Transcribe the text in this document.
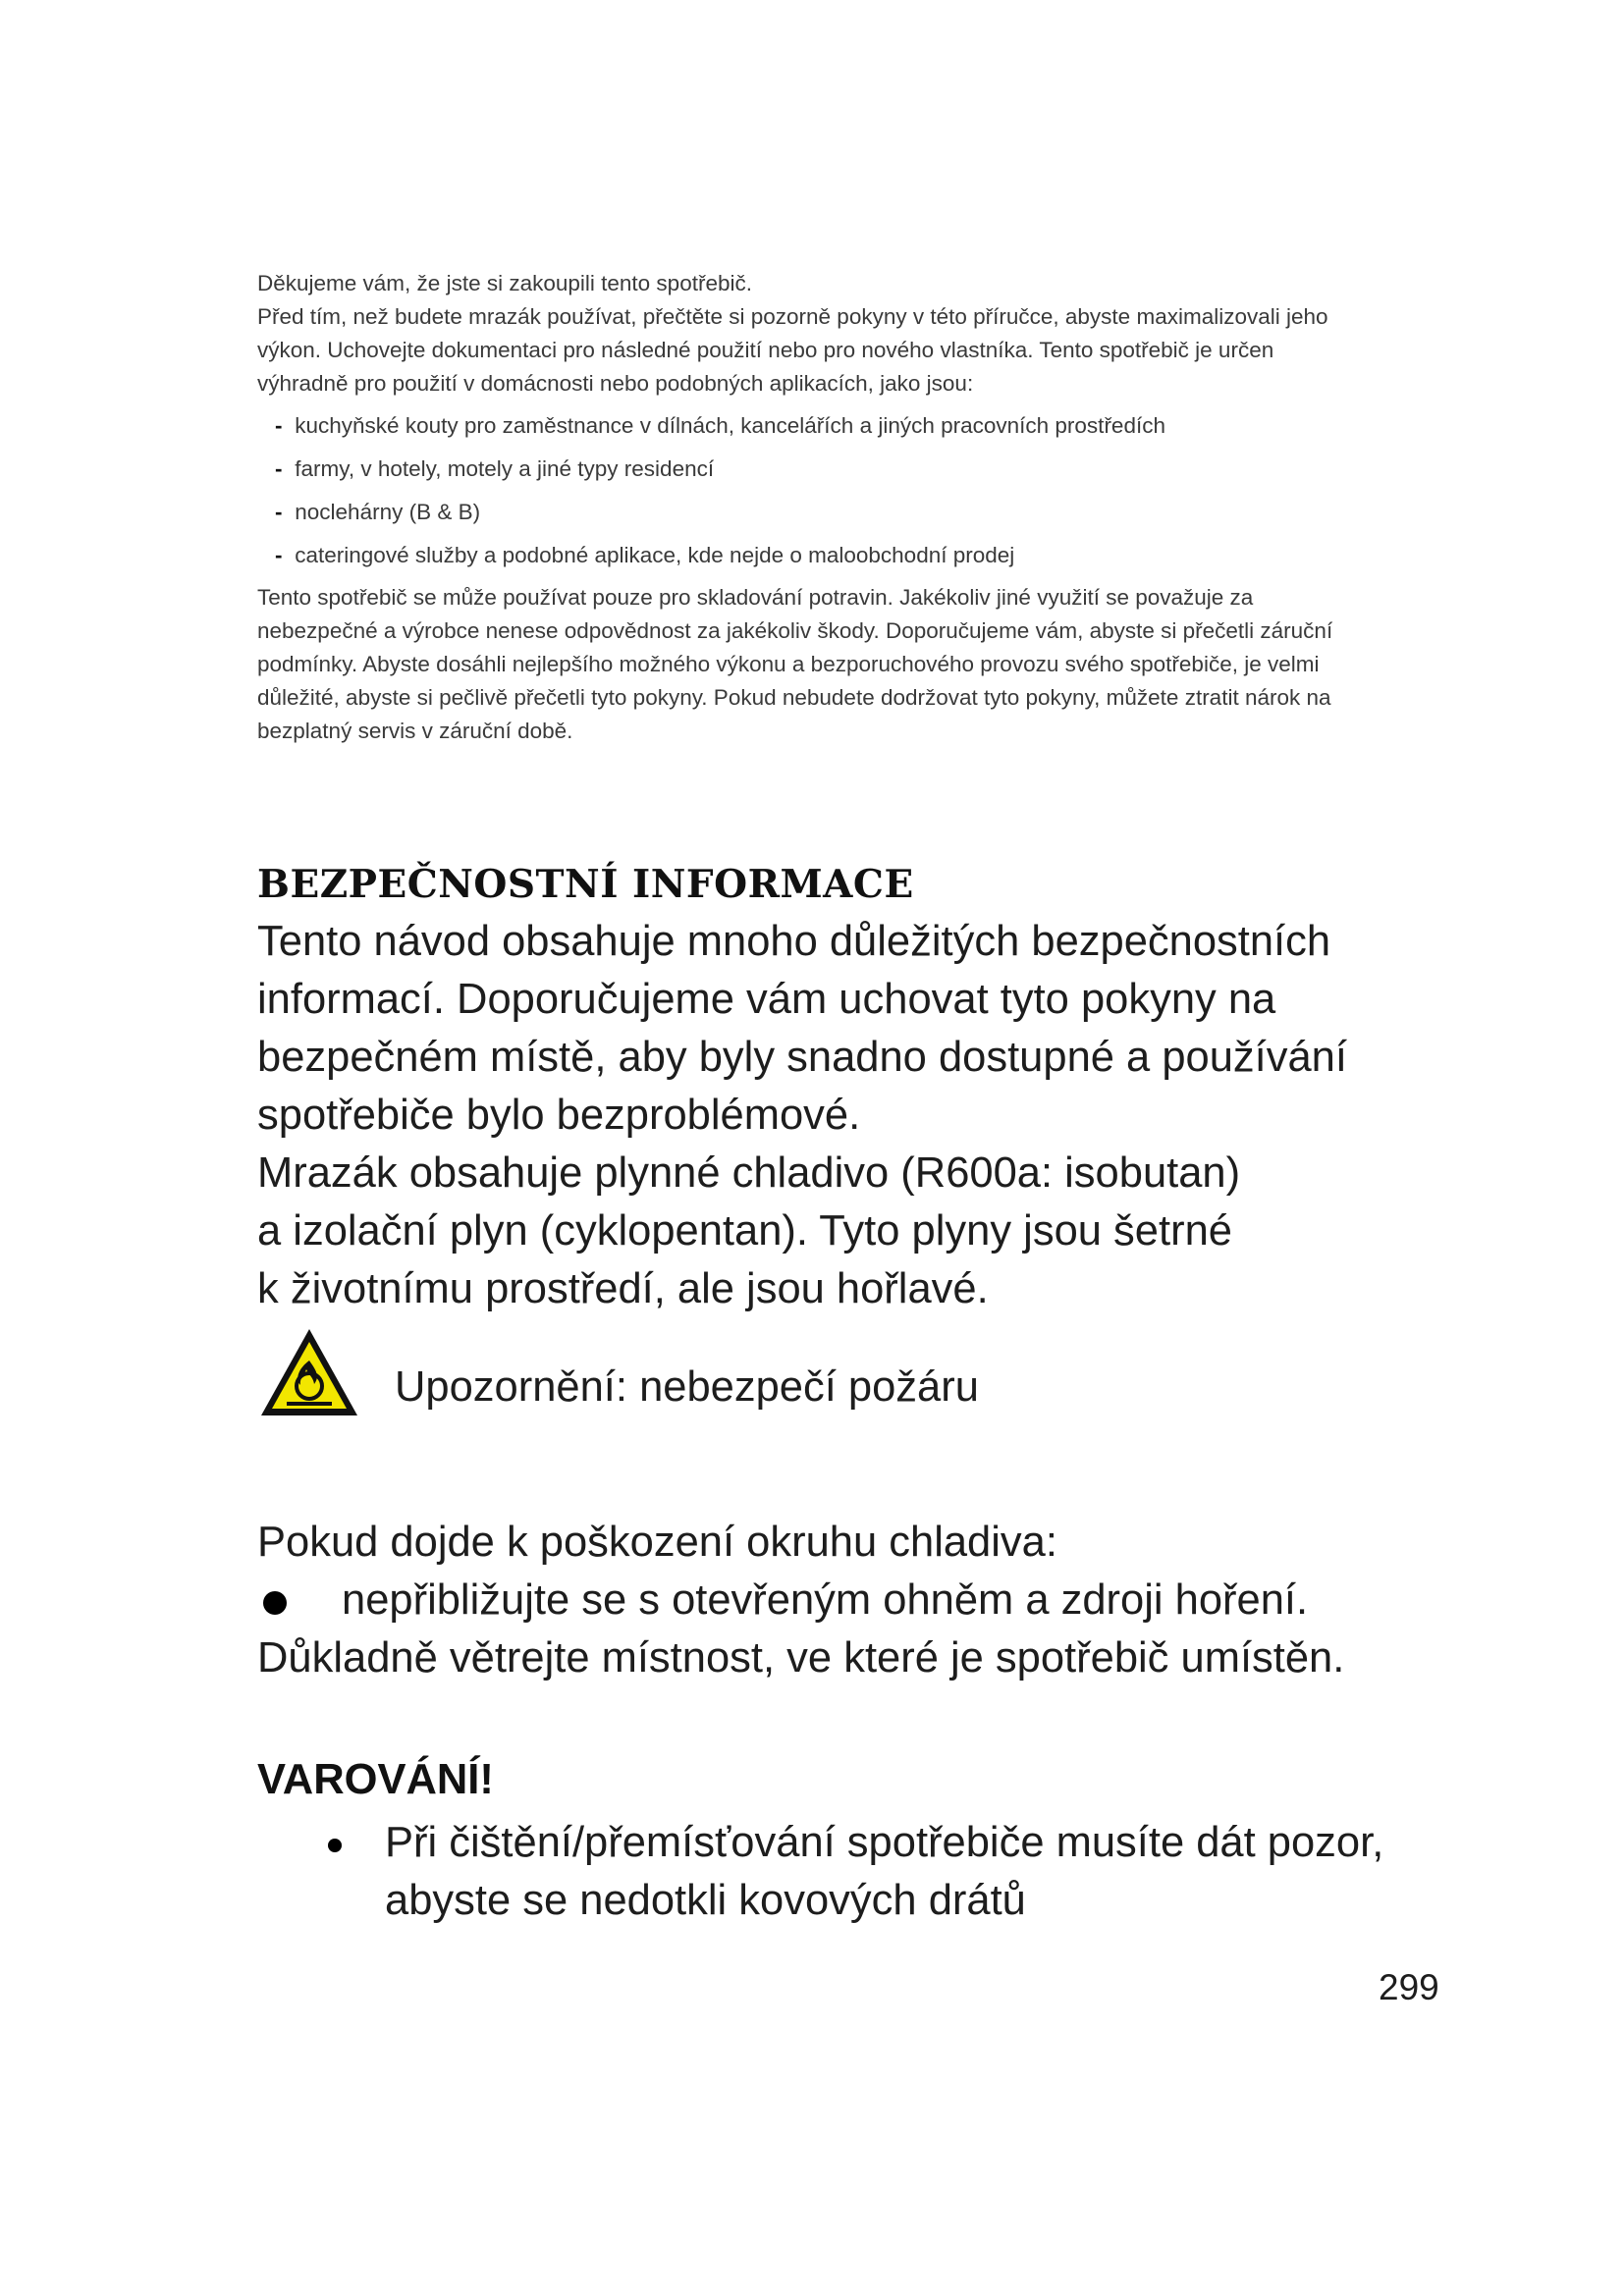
Děkujeme vám, že jste si zakoupili tento spotřebič.

Před tím, než budete mrazák používat, přečtěte si pozorně pokyny v této příručce, abyste maximalizovali jeho výkon. Uchovejte dokumentaci pro následné použití nebo pro nového vlastníka. Tento spotřebič je určen výhradně pro použití v domácnosti nebo podobných aplikacích, jako jsou:

- kuchyňské kouty pro zaměstnance v dílnách, kancelářích a jiných pracovních prostředích
- farmy, v hotely, motely a jiné typy residencí
- noclehárny (B & B)
- cateringové služby a podobné aplikace, kde nejde o maloobchodní prodej

Tento spotřebič se může používat pouze pro skladování potravin. Jakékoliv jiné využití se považuje za nebezpečné a výrobce nenese odpovědnost za jakékoliv škody. Doporučujeme vám, abyste si přečetli záruční podmínky. Abyste dosáhli nejlepšího možného výkonu a bezporuchového provozu svého spotřebiče, je velmi důležité, abyste si pečlivě přečetli tyto pokyny. Pokud nebudete dodržovat tyto pokyny, můžete ztratit nárok na bezplatný servis v záruční době.

BEZPEČNOSTNÍ INFORMACE

Tento návod obsahuje mnoho důležitých bezpečnostních informací. Doporučujeme vám uchovat tyto pokyny na bezpečném místě, aby byly snadno dostupné a používání spotřebiče bylo bezproblémové.

Mrazák obsahuje plynné chladivo (R600a: isobutan)

a izolační plyn (cyklopentan). Tyto plyny jsou šetrné

k životnímu prostředí, ale jsou hořlavé.

Upozornění: nebezpečí požáru

Pokud dojde k poškození okruhu chladiva:

nepřibližujte se s otevřeným ohněm a zdroji hoření.

Důkladně větrejte místnost, ve které je spotřebič umístěn.

VAROVÁNÍ!
Při čištění/přemísťování spotřebiče musíte dát pozor, abyste se nedotkli kovových drátů
299
